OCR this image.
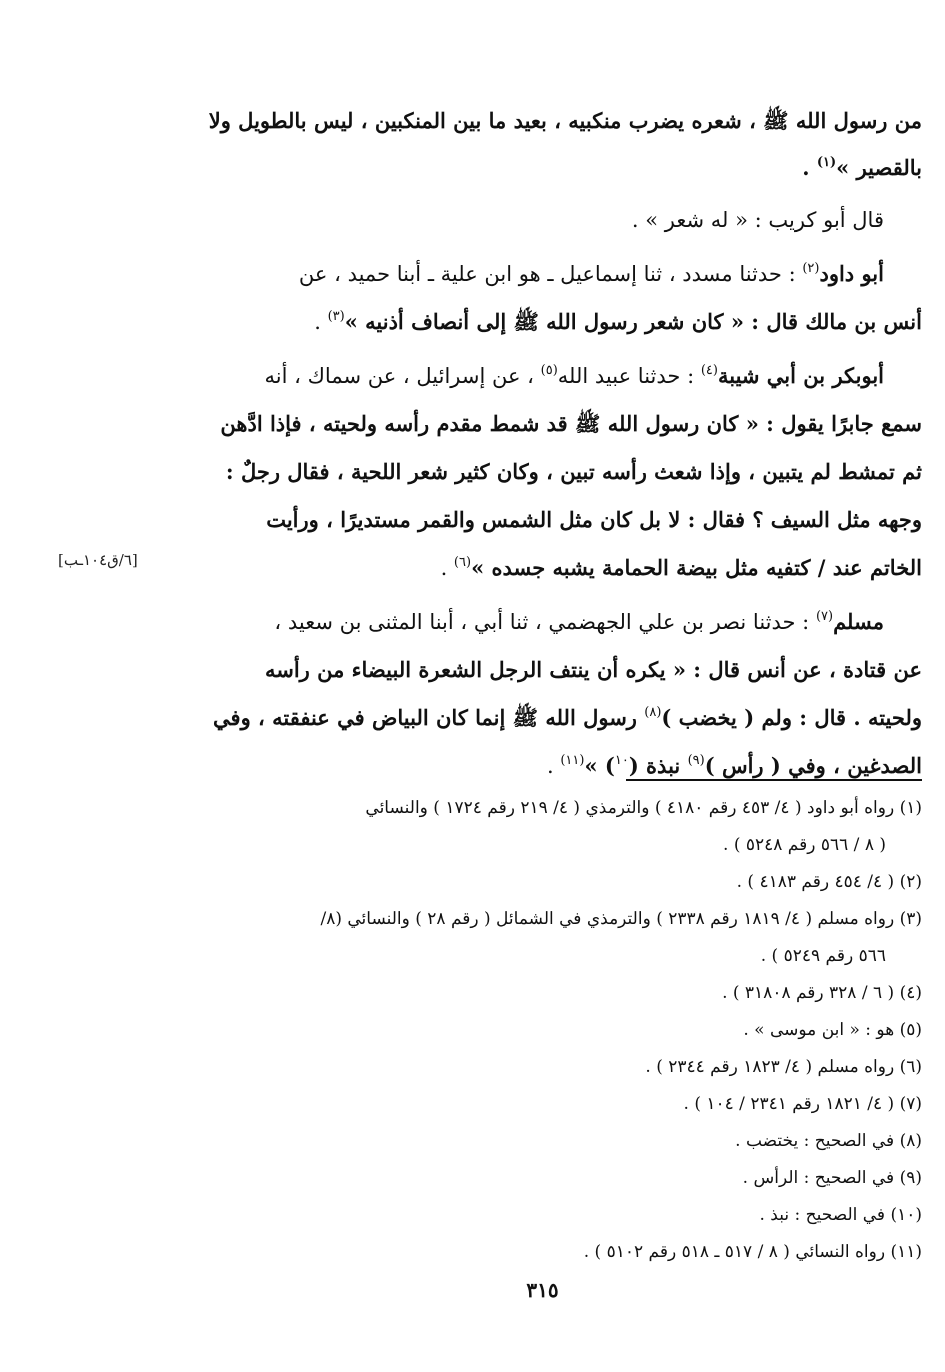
من رسول الله ﷺ ، شعره يضرب منكبيه ، بعيد ما بين المنكبين ، ليس بالطويل ولا
بالقصير »$^{(١)}$ .

قال أبو كريب : « له شعر » .

أبو داود$^{(٢)}$ : حدثنا مسدد ، ثنا إسماعيل ـ هو ابن علية ـ أبنا حميد ، عن
أنس بن مالك قال : « كان شعر رسول الله ﷺ إلى أنصاف أذنيه »$^{(٣)}$ .

أبوبكر بن أبي شيبة$^{(٤)}$ : حدثنا عبيد الله$^{(٥)}$ ، عن إسرائيل ، عن سماك ، أنه
سمع جابرًا يقول : « كان رسول الله ﷺ قد شمط مقدم رأسه ولحيته ، فإذا ادَّهن
ثم تمشط لم يتبين ، وإذا شعث رأسه تبين ، وكان كثير شعر اللحية ، فقال رجلٌ :
وجهه مثل السيف ؟ فقال : لا بل كان مثل الشمس والقمر مستديرًا ، ورأيت
الخاتم عند / كتفيه مثل بيضة الحمامة يشبه جسده »$^{(٦)}$ .

مسلم$^{(٧)}$ : حدثنا نصر بن علي الجهضمي ، ثنا أبي ، أبنا المثنى بن سعيد ،
عن قتادة ، عن أنس قال : « يكره أن ينتف الرجل الشعرة البيضاء من رأسه
ولحيته . قال : ولم ( يخضب )$^{(٨)}$ رسول الله ﷺ إنما كان البياض في عنفقته ، وفي
الصدغين ، وفي ( رأس )$^{(٩)}$ نبذة ($^{١٠}$) »$^{(١١)}$ .

[٦/ق١٠٤ـب]
(١) رواه أبو داود ( ٤/ ٤٥٣ رقم ٤١٨٠ ) والترمذي ( ٤/ ٢١٩ رقم ١٧٢٤ ) والنسائي
( ٨ / ٥٦٦ رقم ٥٢٤٨ ) .
(٢) ( ٤/ ٤٥٤ رقم ٤١٨٣ ) .
(٣) رواه مسلم ( ٤/ ١٨١٩ رقم ٢٣٣٨ ) والترمذي في الشمائل ( رقم ٢٨ ) والنسائي (٨/
٥٦٦ رقم ٥٢٤٩ ) .
(٤) ( ٦ / ٣٢٨ رقم ٣١٨٠٨ ) .
(٥) هو : « ابن موسى » .
(٦) رواه مسلم ( ٤/ ١٨٢٣ رقم ٢٣٤٤ ) .
(٧) ( ٤/ ١٨٢١ رقم ٢٣٤١ / ١٠٤ ) .
(٨) في الصحيح : يختضب .
(٩) في الصحيح : الرأس .
(١٠) في الصحيح : نبذ .
(١١) رواه النسائي ( ٨ / ٥١٧ ـ ٥١٨ رقم ٥١٠٢ ) .
٣١٥
